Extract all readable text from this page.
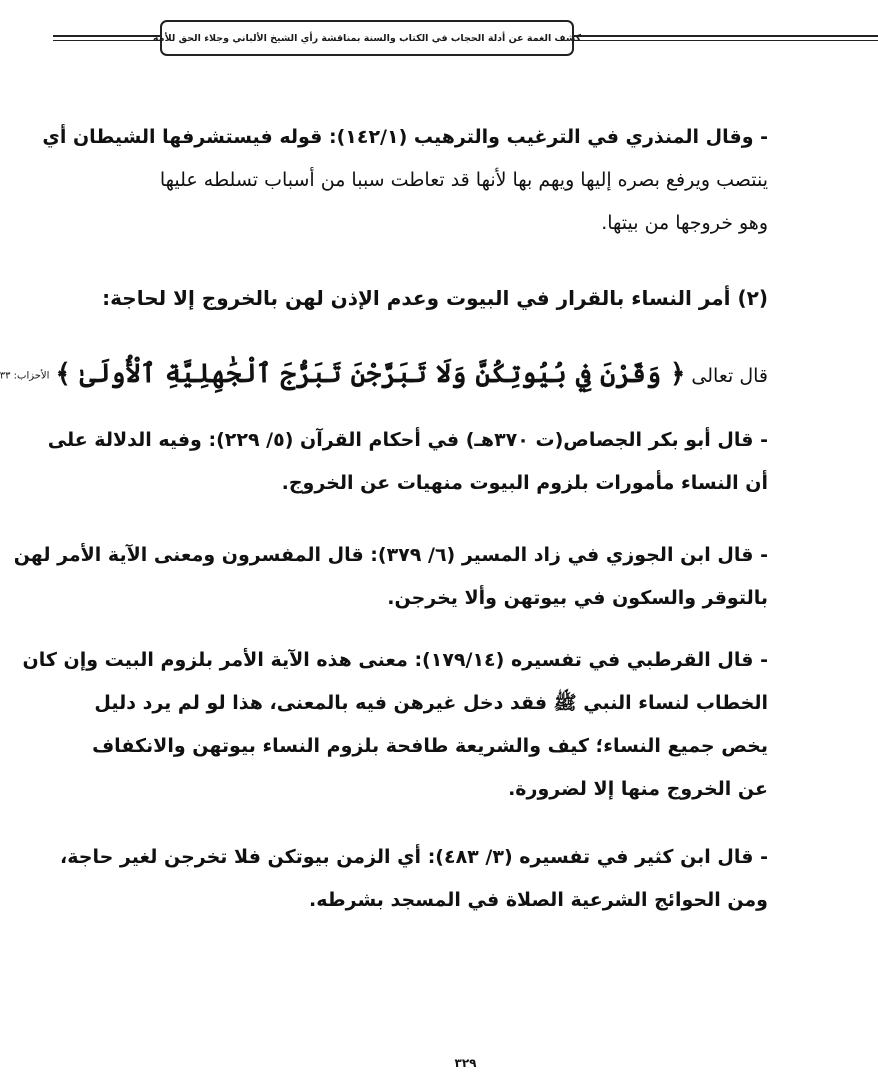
كشف الغمة عن أدلة الحجاب في الكتاب والسنة بمناقشة رأي الشيخ الألباني وجلاء الحق للأمة
- وقال المنذري في الترغيب والترهيب (١٤٢/١): قوله فيستشرفها الشيطان أي
ينتصب ويرفع بصره إليها ويهم بها لأنها قد تعاطت سببا من أسباب تسلطه عليها
وهو خروجها من بيتها.
(٢) أمر النساء بالقرار في البيوت وعدم الإذن لهن بالخروج إلا لحاجة:
قال تعالى ﴿ وَقَرْنَ فِي بُيُوتِكُنَّ وَلَا تَبَرَّجْنَ تَبَرُّجَ ٱلْجَٰهِلِيَّةِ ٱلْأُولَىٰ ﴾ الأحزاب: ٣٣
- قال أبو بكر الجصاص(ت ٣٧٠هـ) في أحكام القرآن (٥/ ٢٢٩): وفيه الدلالة على
أن النساء مأمورات بلزوم البيوت منهيات عن الخروج.
- قال ابن الجوزي في زاد المسير (٦/ ٣٧٩): قال المفسرون ومعنى الآية الأمر لهن
بالتوقر والسكون في بيوتهن وألا يخرجن.
- قال القرطبي في تفسيره (١٧٩/١٤): معنى هذه الآية الأمر بلزوم البيت وإن كان
الخطاب لنساء النبي ﷺ فقد دخل غيرهن فيه بالمعنى، هذا لو لم يرد دليل
يخص جميع النساء؛ كيف والشريعة طافحة بلزوم النساء بيوتهن والانكفاف
عن الخروج منها إلا لضرورة.
- قال ابن كثير في تفسيره (٣/ ٤٨٣): أي الزمن بيوتكن فلا تخرجن لغير حاجة،
ومن الحوائج الشرعية الصلاة في المسجد بشرطه.
٣٢٩
